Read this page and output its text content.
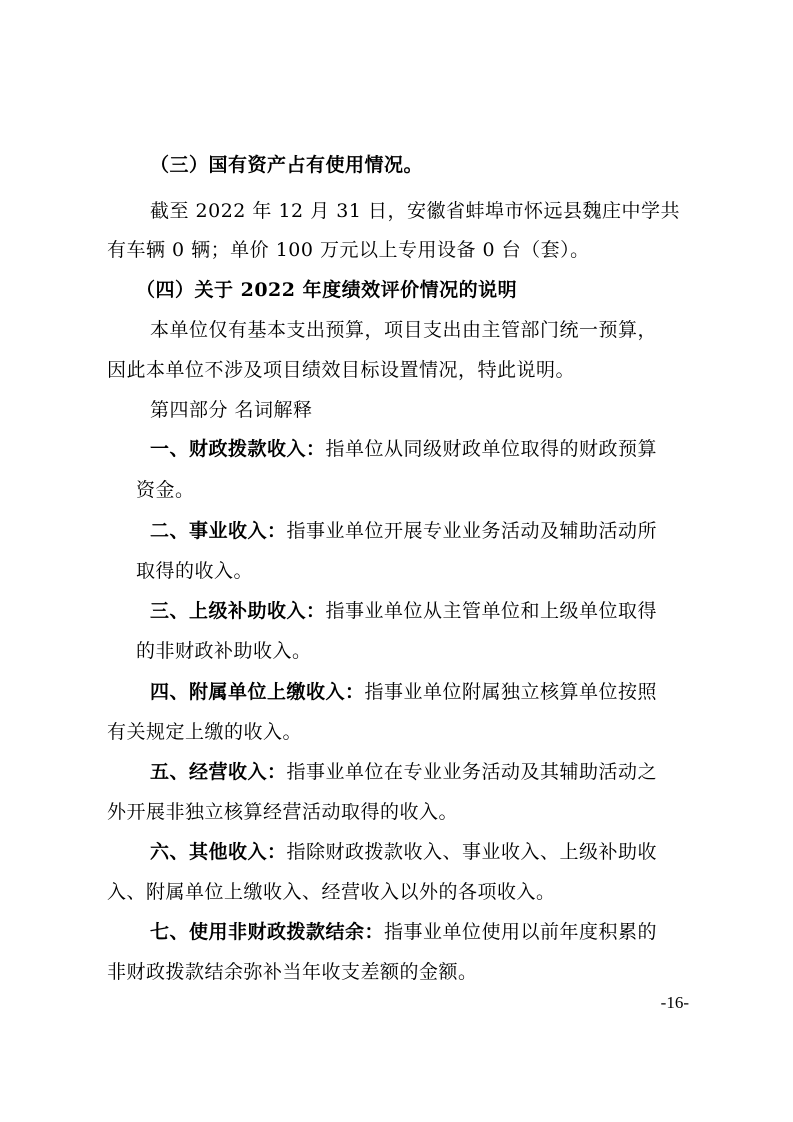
（三）国有资产占有使用情况。
截至 2022 年 12 月 31 日，安徽省蚌埠市怀远县魏庄中学共
有车辆 0 辆；单价 100 万元以上专用设备 0 台（套）。
（四）关于 2022 年度绩效评价情况的说明
本单位仅有基本支出预算，项目支出由主管部门统一预算，
因此本单位不涉及项目绩效目标设置情况，特此说明。
第四部分 名词解释
一、财政拨款收入：指单位从同级财政单位取得的财政预算
资金。
二、事业收入：指事业单位开展专业业务活动及辅助活动所
取得的收入。
三、上级补助收入：指事业单位从主管单位和上级单位取得
的非财政补助收入。
四、附属单位上缴收入：指事业单位附属独立核算单位按照
有关规定上缴的收入。
五、经营收入：指事业单位在专业业务活动及其辅助活动之
外开展非独立核算经营活动取得的收入。
六、其他收入：指除财政拨款收入、事业收入、上级补助收
入、附属单位上缴收入、经营收入以外的各项收入。
七、使用非财政拨款结余：指事业单位使用以前年度积累的
非财政拨款结余弥补当年收支差额的金额。
-16-
